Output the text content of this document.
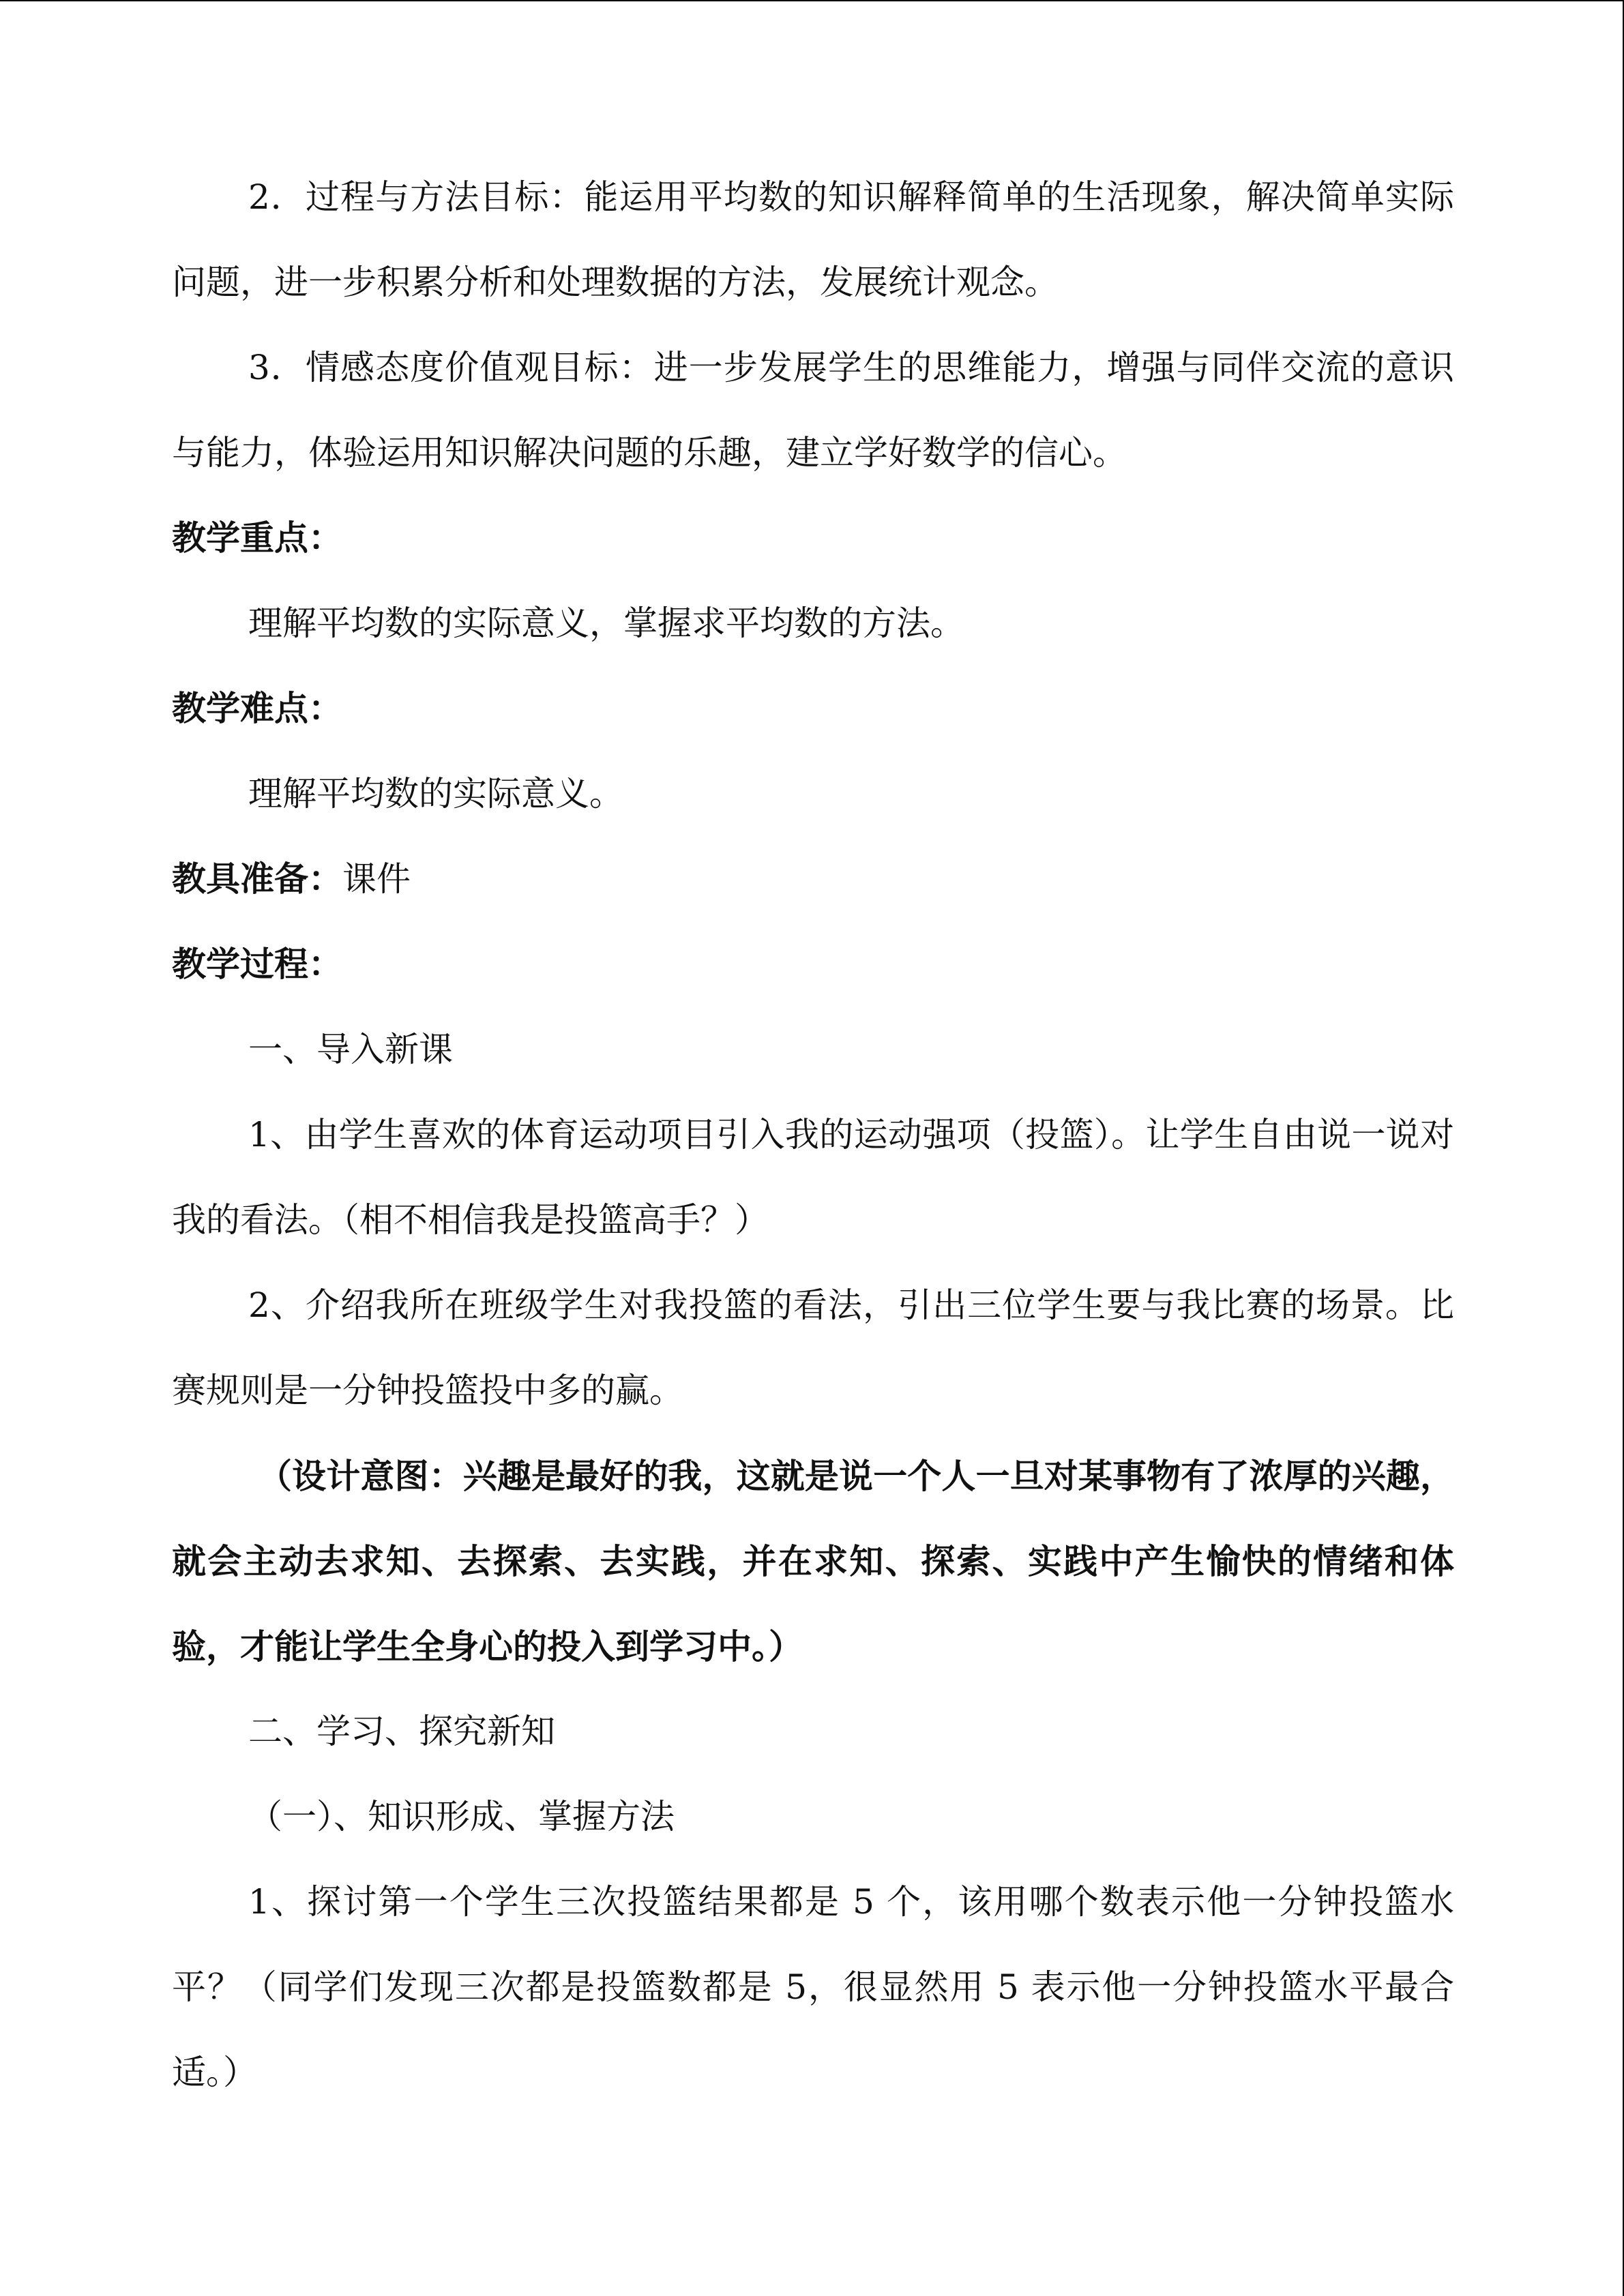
2．过程与方法目标：能运用平均数的知识解释简单的生活现象，解决简单实际问题，进一步积累分析和处理数据的方法，发展统计观念。

3．情感态度价值观目标：进一步发展学生的思维能力，增强与同伴交流的意识与能力，体验运用知识解决问题的乐趣，建立学好数学的信心。

教学重点：

理解平均数的实际意义，掌握求平均数的方法。

教学难点：

理解平均数的实际意义。

教具准备：课件

教学过程：

一、导入新课

1、由学生喜欢的体育运动项目引入我的运动强项（投篮）。让学生自由说一说对我的看法。（相不相信我是投篮高手？）

2、介绍我所在班级学生对我投篮的看法，引出三位学生要与我比赛的场景。比赛规则是一分钟投篮投中多的赢。

（设计意图：兴趣是最好的我，这就是说一个人一旦对某事物有了浓厚的兴趣，就会主动去求知、去探索、去实践，并在求知、探索、实践中产生愉快的情绪和体验，才能让学生全身心的投入到学习中。）

二、学习、探究新知

（一）、知识形成、掌握方法

1、探讨第一个学生三次投篮结果都是 5 个，该用哪个数表示他一分钟投篮水平？（同学们发现三次都是投篮数都是 5，很显然用 5 表示他一分钟投篮水平最合适。）
